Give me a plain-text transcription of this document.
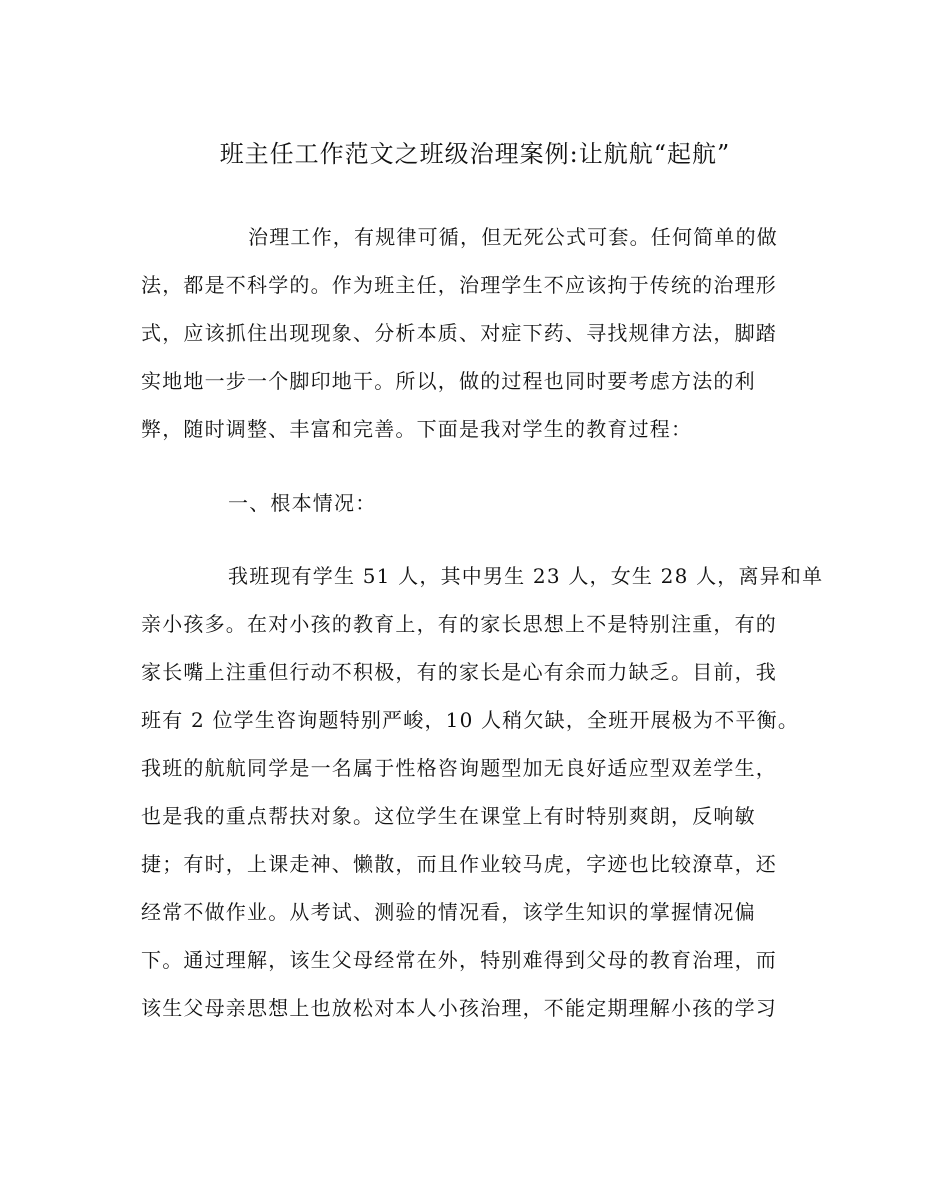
班主任工作范文之班级治理案例:让航航“起航”

治理工作，有规律可循，但无死公式可套。任何简单的做

法，都是不科学的。作为班主任，治理学生不应该拘于传统的治理形

式，应该抓住出现现象、分析本质、对症下药、寻找规律方法，脚踏

实地地一步一个脚印地干。所以，做的过程也同时要考虑方法的利

弊，随时调整、丰富和完善。下面是我对学生的教育过程：

一、根本情况：

我班现有学生 51 人，其中男生 23 人，女生 28 人，离异和单

亲小孩多。在对小孩的教育上，有的家长思想上不是特别注重，有的

家长嘴上注重但行动不积极，有的家长是心有余而力缺乏。目前，我

班有 2 位学生咨询题特别严峻，10 人稍欠缺，全班开展极为不平衡。

我班的航航同学是一名属于性格咨询题型加无良好适应型双差学生，

也是我的重点帮扶对象。这位学生在课堂上有时特别爽朗，反响敏

捷；有时，上课走神、懒散，而且作业较马虎，字迹也比较潦草，还

经常不做作业。从考试、测验的情况看，该学生知识的掌握情况偏

下。通过理解，该生父母经常在外，特别难得到父母的教育治理，而

该生父母亲思想上也放松对本人小孩治理，不能定期理解小孩的学习
